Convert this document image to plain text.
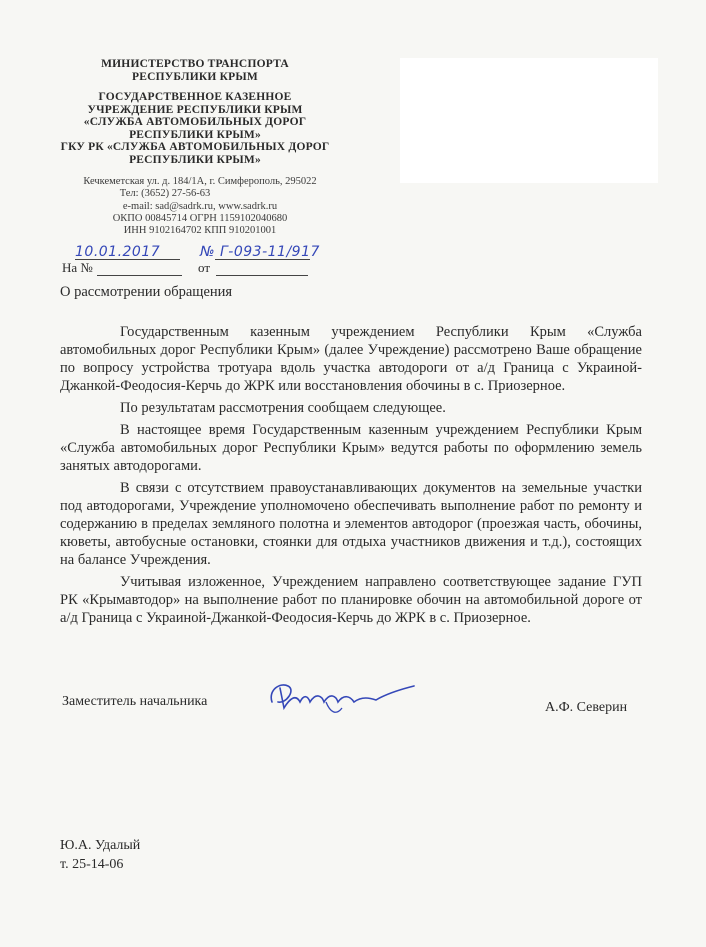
МИНИСТЕРСТВО ТРАНСПОРТА
РЕСПУБЛИКИ КРЫМ
ГОСУДАРСТВЕННОЕ КАЗЕННОЕ
УЧРЕЖДЕНИЕ РЕСПУБЛИКИ КРЫМ
«СЛУЖБА АВТОМОБИЛЬНЫХ ДОРОГ
РЕСПУБЛИКИ КРЫМ»
ГКУ РК «СЛУЖБА АВТОМОБИЛЬНЫХ ДОРОГ
РЕСПУБЛИКИ КРЫМ»
Кечкеметская ул. д. 184/1А, г. Симферополь, 295022
Тел: (3652) 27-56-63
e-mail: sad@sadrk.ru, www.sadrk.ru
ОКПО 00845714 ОГРН 1159102040680
ИНН 9102164702 КПП 910201001
10.01.2017	№ Г-093-11/917
На №	от
О рассмотрении обращения

Государственным казенным учреждением Республики Крым «Служба автомобильных дорог Республики Крым» (далее Учреждение) рассмотрено Ваше обращение по вопросу устройства тротуара вдоль участка автодороги от а/д Граница с Украиной-Джанкой-Феодосия-Керчь до ЖРК или восстановления обочины в с. Приозерное.

По результатам рассмотрения сообщаем следующее.

В настоящее время Государственным казенным учреждением Республики Крым «Служба автомобильных дорог Республики Крым» ведутся работы по оформлению земель занятых автодорогами.

В связи с отсутствием правоустанавливающих документов на земельные участки под автодорогами, Учреждение уполномочено обеспечивать выполнение работ по ремонту и содержанию в пределах земляного полотна и элементов автодорог (проезжая часть, обочины, кюветы, автобусные остановки, стоянки для отдыха участников движения и т.д.), состоящих на балансе Учреждения.

Учитывая изложенное, Учреждением направлено соответствующее задание ГУП РК «Крымавтодор» на выполнение работ по планировке обочин на автомобильной дороге от а/д Граница с Украиной-Джанкой-Феодосия-Керчь до ЖРК в с. Приозерное.

Заместитель начальника	А.Ф. Северин
Ю.А. Удалый
т. 25-14-06
